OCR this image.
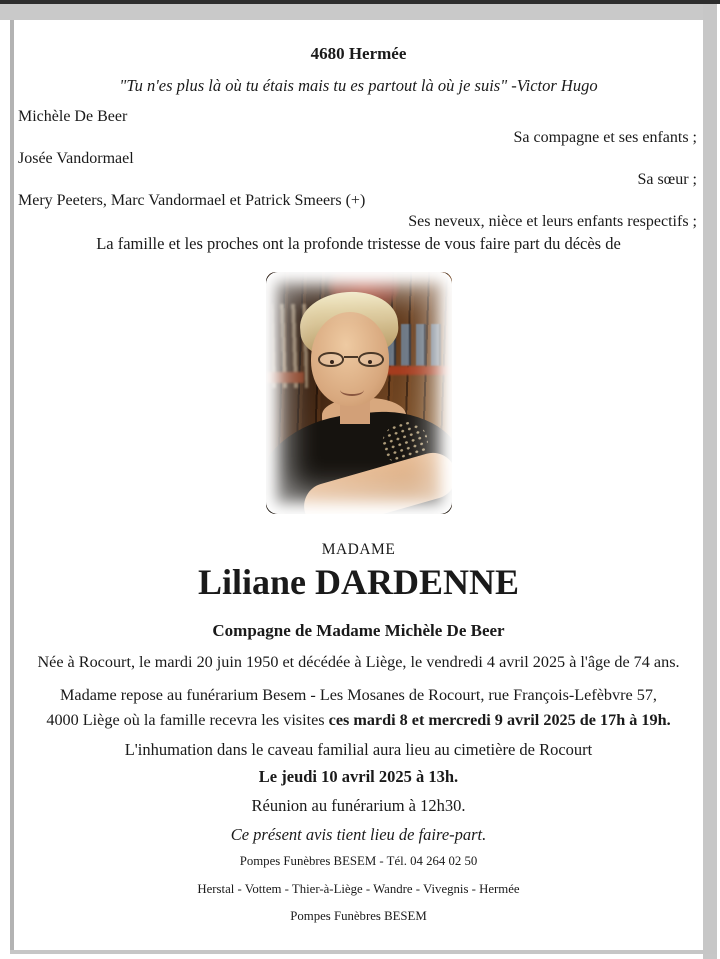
4680 Hermée

"Tu n'es plus là où tu étais mais tu es partout là où je suis" -Victor Hugo

Michèle De Beer

Sa compagne et ses enfants ;

Josée Vandormael

Sa sœur ;

Mery Peeters, Marc Vandormael et Patrick Smeers (+)

Ses neveux, nièce et leurs enfants respectifs ;

La famille et les proches ont la profonde tristesse de vous faire part du décès de

MADAME

Liliane DARDENNE

Compagne de Madame Michèle De Beer

Née à Rocourt, le mardi 20 juin 1950 et décédée à Liège, le vendredi 4 avril 2025 à l'âge de 74 ans.

Madame repose au funérarium Besem - Les Mosanes de Rocourt, rue François-Lefèbvre 57, 4000 Liège où la famille recevra les visites ces mardi 8 et mercredi 9 avril 2025 de 17h à 19h.

L'inhumation dans le caveau familial aura lieu au cimetière de Rocourt

Le jeudi 10 avril 2025 à 13h.

Réunion au funérarium à 12h30.

Ce présent avis tient lieu de faire-part.

Pompes Funèbres BESEM - Tél. 04 264 02 50

Herstal - Vottem - Thier-à-Liège - Wandre - Vivegnis - Hermée

Pompes Funèbres BESEM
